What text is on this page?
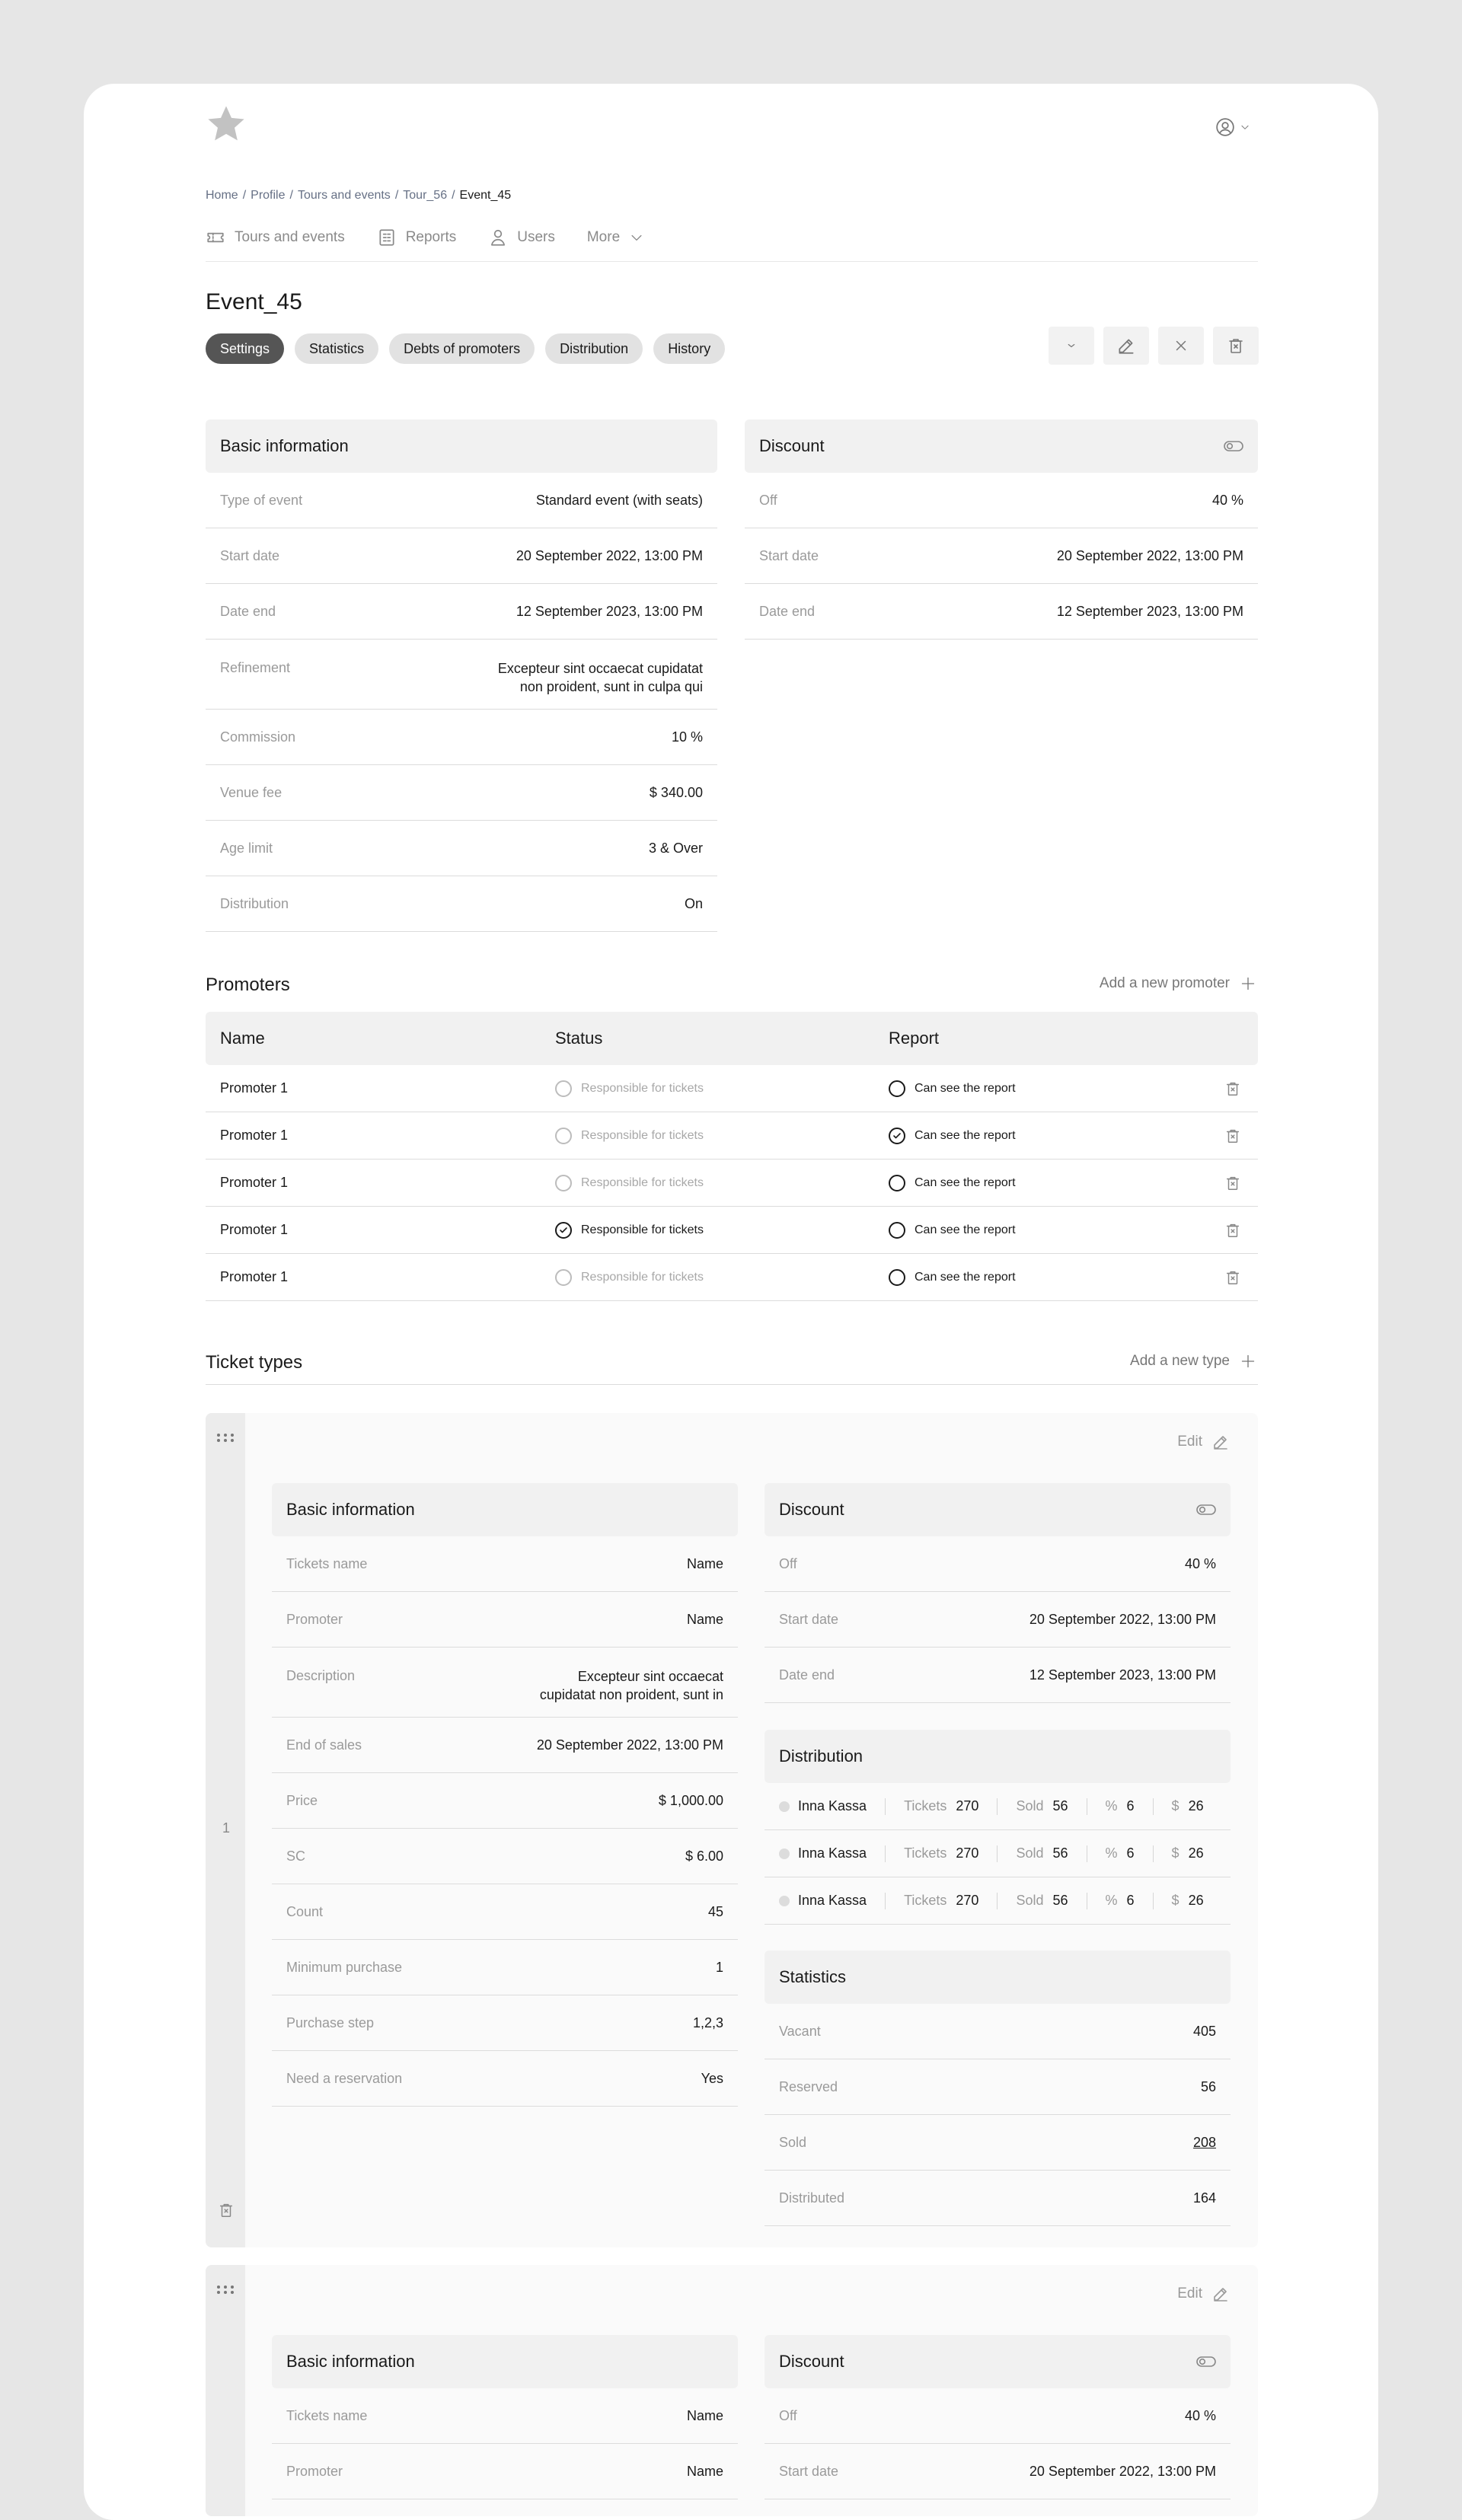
Home / Profile / Tours and events / Tour_56 / Event_45
Tours and events	Reports	Users More
Event_45
Settings	Statistics	Debts of promoters	Distribution	History
Basic information
Type of event	Standard event (with seats)
Start date	20 September 2022, 13:00 PM
Date end	12 September 2023, 13:00 PM
Refinement	Excepteur sint occaecat cupidatat
non proident, sunt in culpa qui
Commission	10 %
Venue fee	$ 340.00
Age limit	3 & Over
Distribution	On
Discount
Off	40 %
Start date	20 September 2022, 13:00 PM
Date end	12 September 2023, 13:00 PM
Promoters	Add a new promoter
Name	Status	Report
Promoter 1	Responsible for tickets	Can see the report
Promoter 1	Responsible for tickets	Can see the report
Promoter 1	Responsible for tickets	Can see the report
Promoter 1	Responsible for tickets	Can see the report
Promoter 1	Responsible for tickets	Can see the report
Ticket types	Add a new type
1
Edit
Basic information
Tickets name	Name
Promoter	Name
Description	Excepteur sint occaecat
cupidatat non proident, sunt in
End of sales	20 September 2022, 13:00 PM
Price	$ 1,000.00
SC	$ 6.00
Count	45
Minimum purchase	1
Purchase step	1,2,3
Need a reservation	Yes
Discount
Off	40 %
Start date	20 September 2022, 13:00 PM
Date end	12 September 2023, 13:00 PM
Distribution
Inna Kassa	Tickets 270	Sold 56	% 6	$ 26
Inna Kassa	Tickets 270	Sold 56	% 6	$ 26
Inna Kassa	Tickets 270	Sold 56	% 6	$ 26
Statistics
Vacant	405
Reserved	56
Sold	208
Distributed	164
Edit
Basic information
Tickets name	Name
Promoter	Name
Discount
Off	40 %
Start date	20 September 2022, 13:00 PM
